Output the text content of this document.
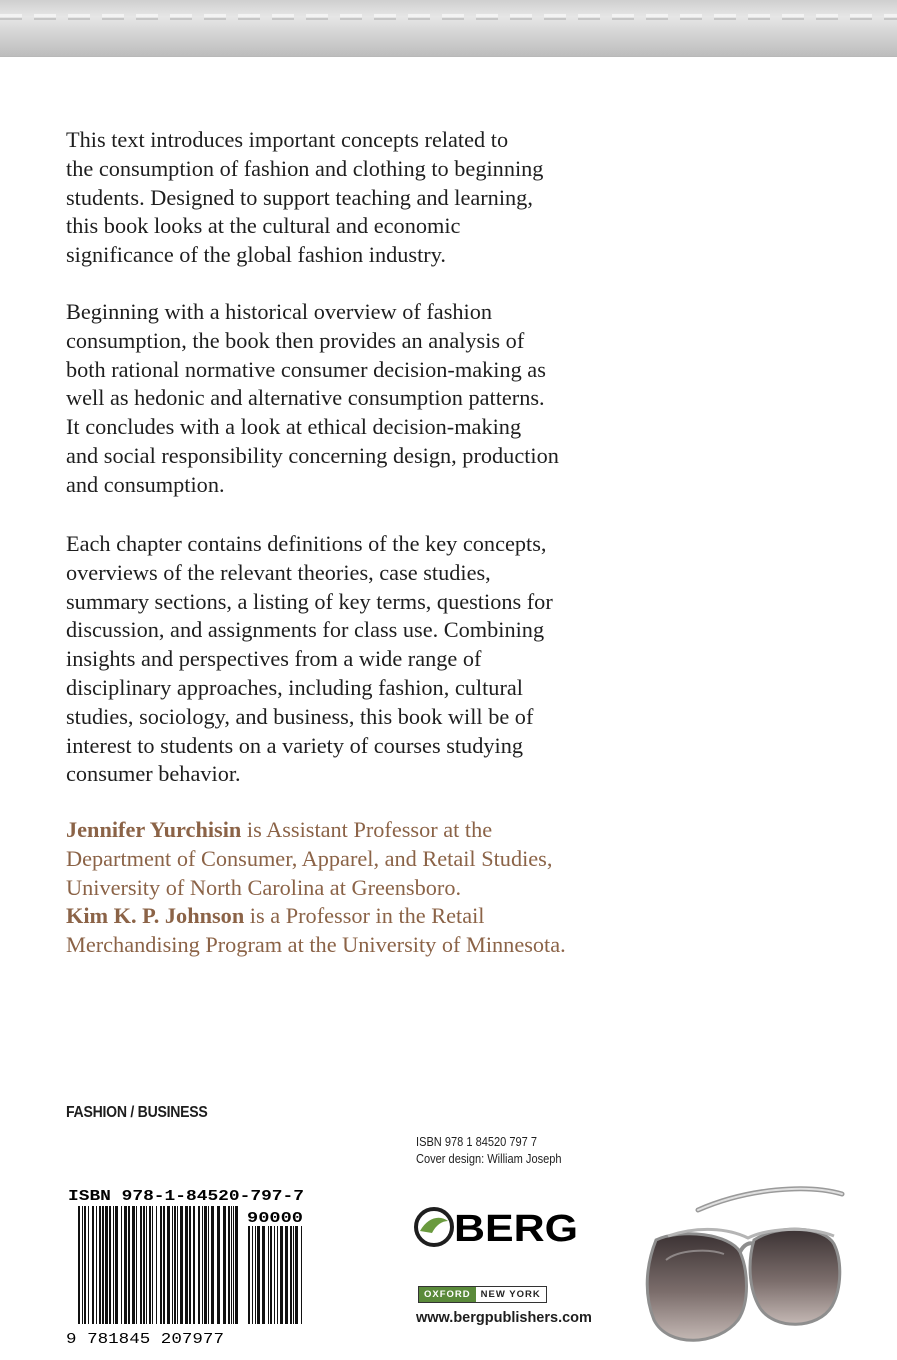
This text introduces important concepts related to
the consumption of fashion and clothing to beginning
students. Designed to support teaching and learning,
this book looks at the cultural and economic
significance of the global fashion industry.

Beginning with a historical overview of fashion
consumption, the book then provides an analysis of
both rational normative consumer decision-making as
well as hedonic and alternative consumption patterns.
It concludes with a look at ethical decision-making
and social responsibility concerning design, production
and consumption.

Each chapter contains definitions of the key concepts,
overviews of the relevant theories, case studies,
summary sections, a listing of key terms, questions for
discussion, and assignments for class use. Combining
insights and perspectives from a wide range of
disciplinary approaches, including fashion, cultural
studies, sociology, and business, this book will be of
interest to students on a variety of courses studying
consumer behavior.

Jennifer Yurchisin is Assistant Professor at the
Department of Consumer, Apparel, and Retail Studies,
University of North Carolina at Greensboro.
Kim K. P. Johnson is a Professor in the Retail
Merchandising Program at the University of Minnesota.

FASHION / BUSINESS
ISBN 978 1 84520 797 7
Cover design: William Joseph
ISBN 978-1-84520-797-7
90000
9 781845 207977
BERG
OXFORD	NEW YORK
www.bergpublishers.com
